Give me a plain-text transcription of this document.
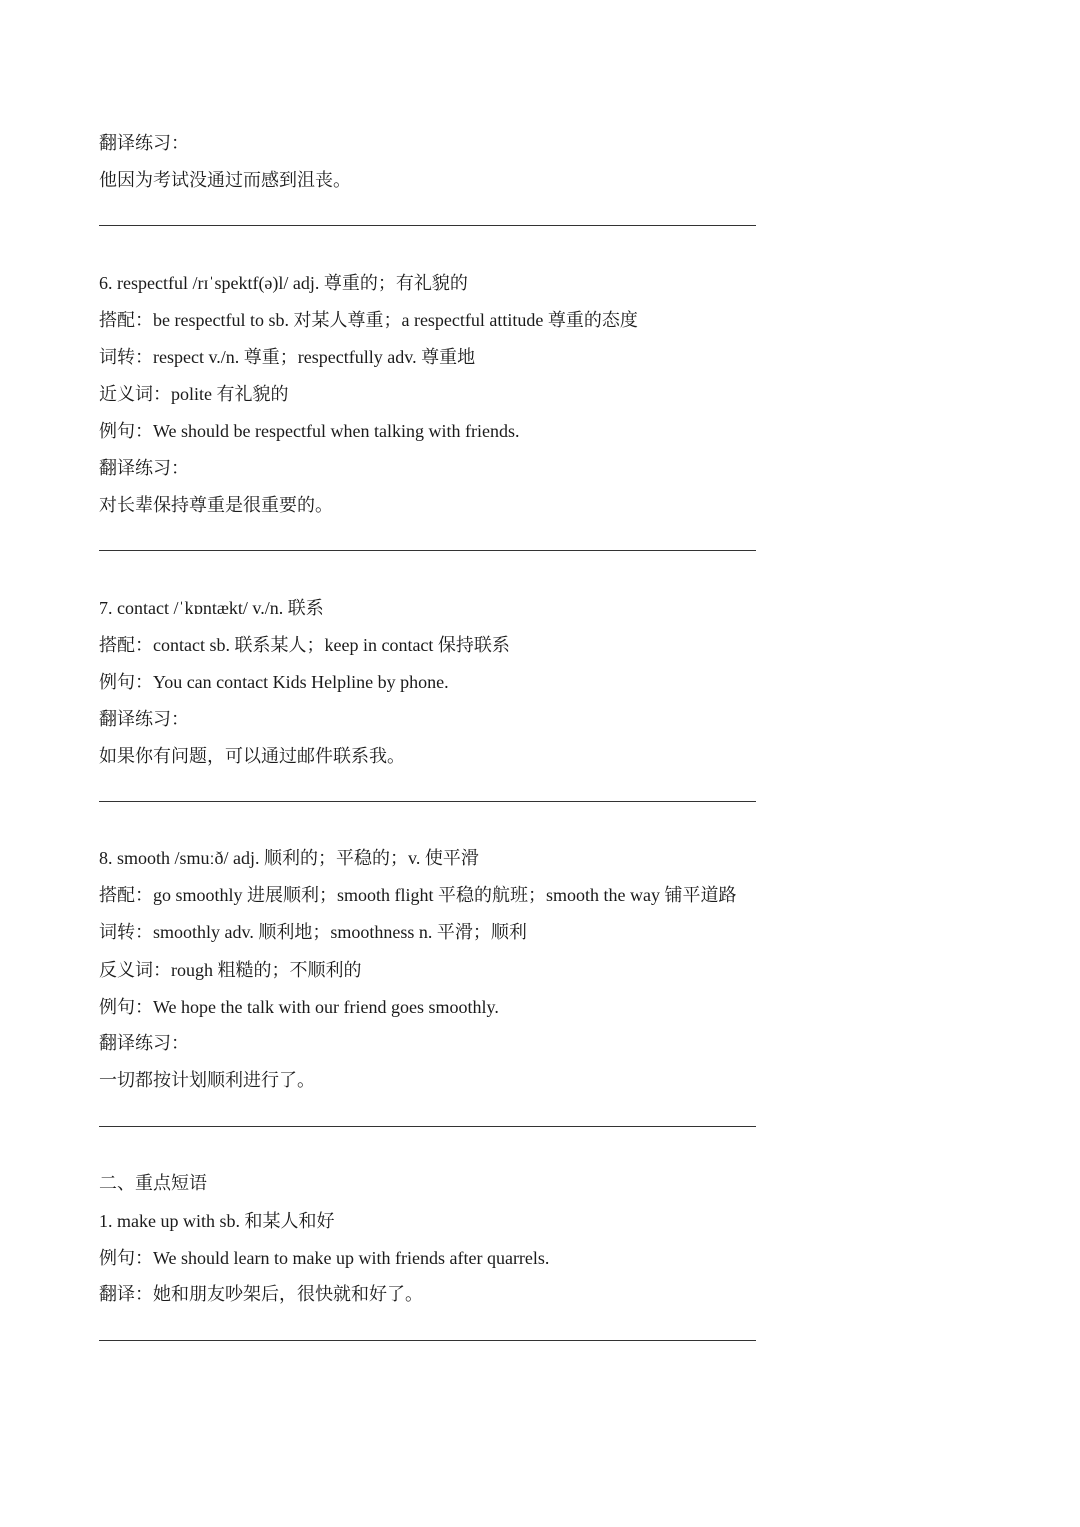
翻译练习：
他因为考试没通过而感到沮丧。
6. respectful /rɪˈspektf(ə)l/ adj. 尊重的；有礼貌的
搭配：be respectful to sb. 对某人尊重；a respectful attitude 尊重的态度
词转：respect v./n. 尊重；respectfully adv. 尊重地
近义词：polite 有礼貌的
例句：We should be respectful when talking with friends.
翻译练习：
对长辈保持尊重是很重要的。
7. contact /ˈkɒntækt/ v./n. 联系
搭配：contact sb. 联系某人；keep in contact 保持联系
例句：You can contact Kids Helpline by phone.
翻译练习：
如果你有问题，可以通过邮件联系我。
8. smooth /smuːð/ adj. 顺利的；平稳的；v. 使平滑
搭配：go smoothly 进展顺利；smooth flight 平稳的航班；smooth the way 铺平道路
词转：smoothly adv. 顺利地；smoothness n. 平滑；顺利
反义词：rough 粗糙的；不顺利的
例句：We hope the talk with our friend goes smoothly.
翻译练习：
一切都按计划顺利进行了。
二、重点短语
1. make up with sb. 和某人和好
例句：We should learn to make up with friends after quarrels.
翻译：她和朋友吵架后，很快就和好了。
